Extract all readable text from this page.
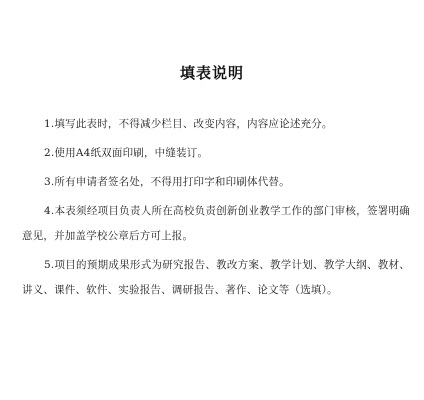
填表说明
1.填写此表时，不得减少栏目、改变内容，内容应论述充分。
2.使用A4纸双面印刷，中缝装订。
3.所有申请者签名处，不得用打印字和印刷体代替。
4.本表须经项目负责人所在高校负责创新创业教学工作的部门审核，签署明确意见，并加盖学校公章后方可上报。
5.项目的预期成果形式为研究报告、教改方案、教学计划、教学大纲、教材、讲义、课件、软件、实验报告、调研报告、著作、论文等（选填）。
